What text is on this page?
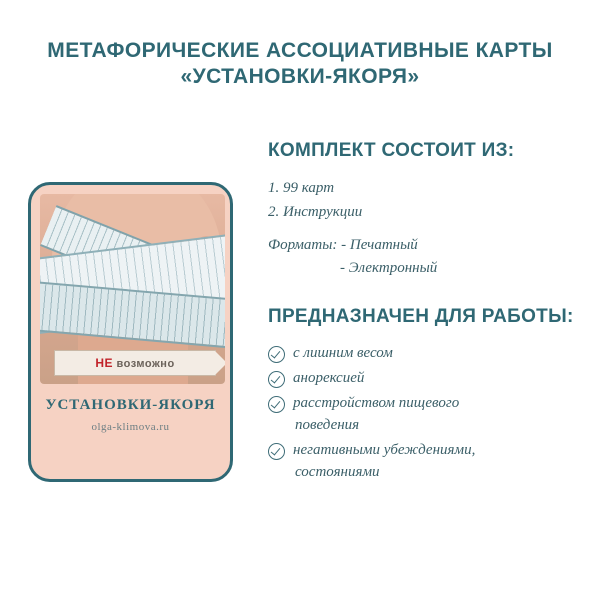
МЕТАФОРИЧЕСКИЕ АССОЦИАТИВНЫЕ КАРТЫ
«УСТАНОВКИ-ЯКОРЯ»
НЕ возможно
УСТАНОВКИ-ЯКОРЯ
olga-klimova.ru
КОМПЛЕКТ СОСТОИТ ИЗ:
1. 99 карт
2. Инструкции
Форматы: - Печатный
- Электронный
ПРЕДНАЗНАЧЕН ДЛЯ РАБОТЫ:
с лишним весом
анорексией
расстройством пищевого
поведения
негативными убеждениями,
состояниями
